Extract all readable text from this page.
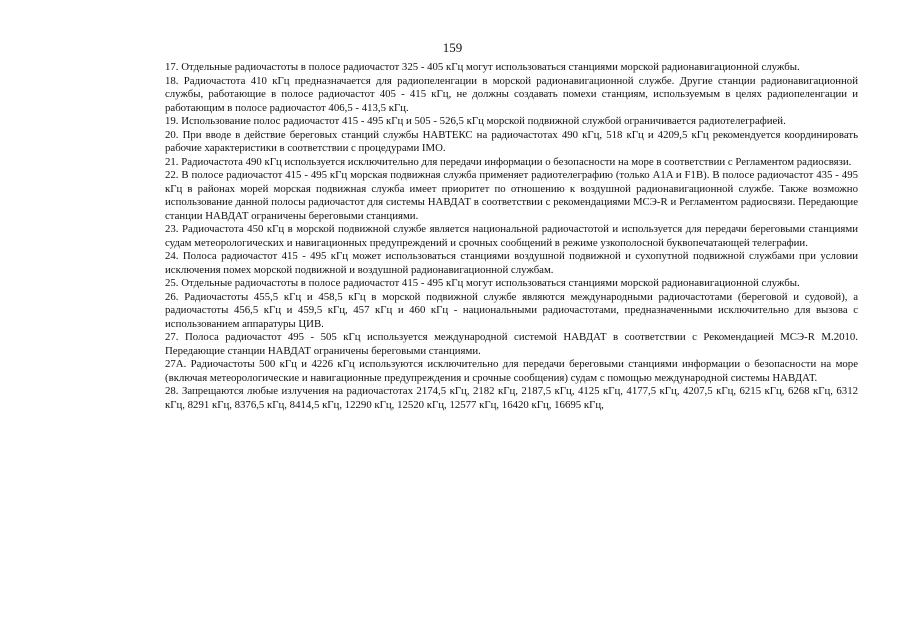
159

17. Отдельные радиочастоты в полосе радиочастот 325 - 405 кГц могут использоваться станциями морской радионавигационной службы.

18. Радиочастота 410 кГц предназначается для радиопеленгации в морской радионавигационной службе. Другие станции радионавигационной службы, работающие в полосе радиочастот 405 - 415 кГц, не должны создавать помехи станциям, используемым в целях радиопеленгации и работающим в полосе радиочастот 406,5 - 413,5 кГц.

19. Использование полос радиочастот 415 - 495 кГц и 505 - 526,5 кГц морской подвижной службой ограничивается радиотелеграфией.

20. При вводе в действие береговых станций службы НАВТЕКС на радиочастотах 490 кГц, 518 кГц и 4209,5 кГц рекомендуется координировать рабочие характеристики в соответствии с процедурами IMO.

21. Радиочастота 490 кГц используется исключительно для передачи информации о безопасности на море в соответствии с Регламентом радиосвязи.

22. В полосе радиочастот 415 - 495 кГц морская подвижная служба применяет радиотелеграфию (только A1A и F1B). В полосе радиочастот 435 - 495 кГц в районах морей морская подвижная служба имеет приоритет по отношению к воздушной радионавигационной службе. Также возможно использование данной полосы радиочастот для системы НАВДАТ в соответствии с рекомендациями МСЭ-R и Регламентом радиосвязи. Передающие станции НАВДАТ ограничены береговыми станциями.

23. Радиочастота 450 кГц в морской подвижной службе является национальной радиочастотой и используется для передачи береговыми станциями судам метеорологических и навигационных предупреждений и срочных сообщений в режиме узкополосной буквопечатающей телеграфии.

24. Полоса радиочастот 415 - 495 кГц может использоваться станциями воздушной подвижной и сухопутной подвижной службами при условии исключения помех морской подвижной и воздушной радионавигационной службам.

25. Отдельные радиочастоты в полосе радиочастот 415 - 495 кГц могут использоваться станциями морской радионавигационной службы.

26. Радиочастоты 455,5 кГц и 458,5 кГц в морской подвижной службе являются международными радиочастотами (береговой и судовой), а радиочастоты 456,5 кГц и 459,5 кГц, 457 кГц и 460 кГц - национальными радиочастотами, предназначенными исключительно для вызова с использованием аппаратуры ЦИВ.

27. Полоса радиочастот 495 - 505 кГц используется международной системой НАВДАТ в соответствии с Рекомендацией МСЭ-R M.2010. Передающие станции НАВДАТ ограничены береговыми станциями.

27А. Радиочастоты 500 кГц и 4226 кГц используются исключительно для передачи береговыми станциями информации о безопасности на море (включая метеорологические и навигационные предупреждения и срочные сообщения) судам с помощью международной системы НАВДАТ.

28. Запрещаются любые излучения на радиочастотах 2174,5 кГц, 2182 кГц, 2187,5 кГц, 4125 кГц, 4177,5 кГц, 4207,5 кГц, 6215 кГц, 6268 кГц, 6312 кГц, 8291 кГц, 8376,5 кГц, 8414,5 кГц, 12290 кГц, 12520 кГц, 12577 кГц, 16420 кГц, 16695 кГц,
